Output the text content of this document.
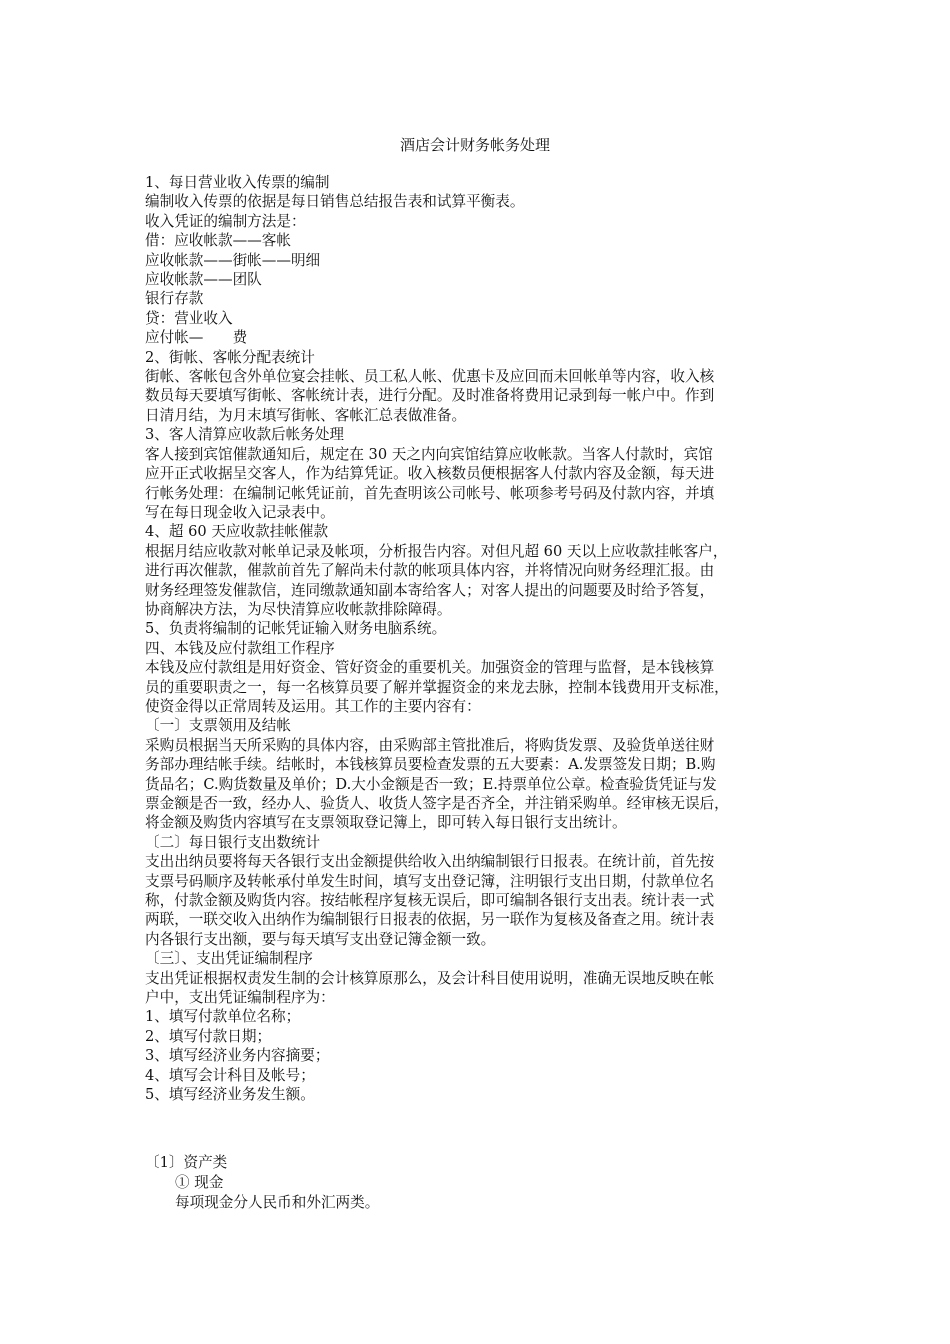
酒店会计财务帐务处理

1、每日营业收入传票的编制

编制收入传票的依据是每日销售总结报告表和试算平衡表。

收入凭证的编制方法是：

借：应收帐款——客帐

应收帐款——街帐——明细

应收帐款——团队

银行存款

贷：营业收入

应付帐—　　费

2、街帐、客帐分配表统计

街帐、客帐包含外单位宴会挂帐、员工私人帐、优惠卡及应回而未回帐单等内容，收入核

数员每天要填写街帐、客帐统计表，进行分配。及时准备将费用记录到每一帐户中。作到

日清月结，为月末填写街帐、客帐汇总表做准备。

3、客人清算应收款后帐务处理

客人接到宾馆催款通知后，规定在 30 天之内向宾馆结算应收帐款。当客人付款时，宾馆

应开正式收据呈交客人，作为结算凭证。收入核数员便根据客人付款内容及金额，每天进

行帐务处理：在编制记帐凭证前，首先查明该公司帐号、帐项参考号码及付款内容，并填

写在每日现金收入记录表中。

4、超 60 天应收款挂帐催款

根据月结应收款对帐单记录及帐项，分析报告内容。对但凡超 60 天以上应收款挂帐客户，

进行再次催款，催款前首先了解尚未付款的帐项具体内容，并将情况向财务经理汇报。由

财务经理签发催款信，连同缴款通知副本寄给客人；对客人提出的问题要及时给予答复，

协商解决方法，为尽快清算应收帐款排除障碍。

5、负责将编制的记帐凭证输入财务电脑系统。

四、本钱及应付款组工作程序

本钱及应付款组是用好资金、管好资金的重要机关。加强资金的管理与监督，是本钱核算

员的重要职责之一，每一名核算员要了解并掌握资金的来龙去脉，控制本钱费用开支标准，

使资金得以正常周转及运用。其工作的主要内容有：

〔一〕支票领用及结帐

采购员根据当天所采购的具体内容，由采购部主管批准后，将购货发票、及验货单送往财

务部办理结帐手续。结帐时，本钱核算员要检查发票的五大要素：A.发票签发日期；B.购

货品名；C.购货数量及单价；D.大小金额是否一致；E.持票单位公章。检查验货凭证与发

票金额是否一致，经办人、验货人、收货人签字是否齐全，并注销采购单。经审核无误后，

将金额及购货内容填写在支票领取登记簿上，即可转入每日银行支出统计。

〔二〕每日银行支出数统计

支出出纳员要将每天各银行支出金额提供给收入出纳编制银行日报表。在统计前，首先按

支票号码顺序及转帐承付单发生时间，填写支出登记簿，注明银行支出日期，付款单位名

称，付款金额及购货内容。按结帐程序复核无误后，即可编制各银行支出表。统计表一式

两联，一联交收入出纳作为编制银行日报表的依据，另一联作为复核及备查之用。统计表

内各银行支出额，要与每天填写支出登记簿金额一致。

〔三〕、支出凭证编制程序

支出凭证根据权责发生制的会计核算原那么，及会计科目使用说明，准确无误地反映在帐

户中，支出凭证编制程序为：

1、填写付款单位名称；

2、填写付款日期；

3、填写经济业务内容摘要；

4、填写会计科目及帐号；

5、填写经济业务发生额。

〔1〕资产类

① 现金

每项现金分人民币和外汇两类。
